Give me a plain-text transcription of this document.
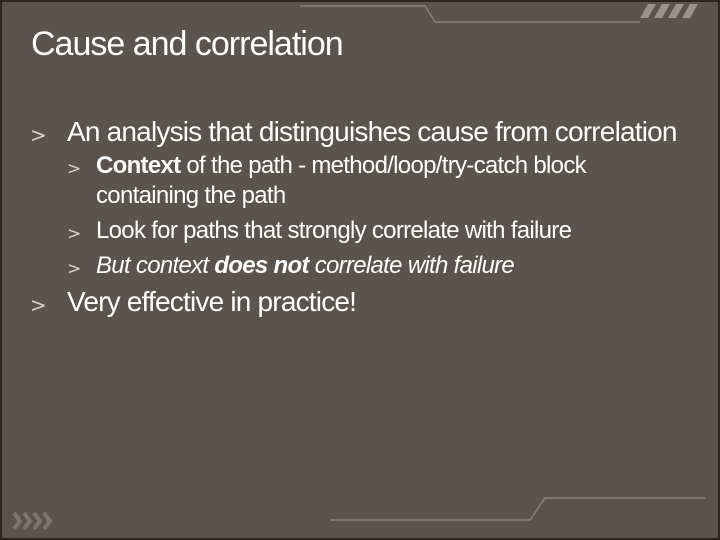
Cause and correlation
> An analysis that distinguishes cause from correlation
> Context of the path - method/loop/try-catch block containing the path
> Look for paths that strongly correlate with failure
> But context does not correlate with failure
> Very effective in practice!
